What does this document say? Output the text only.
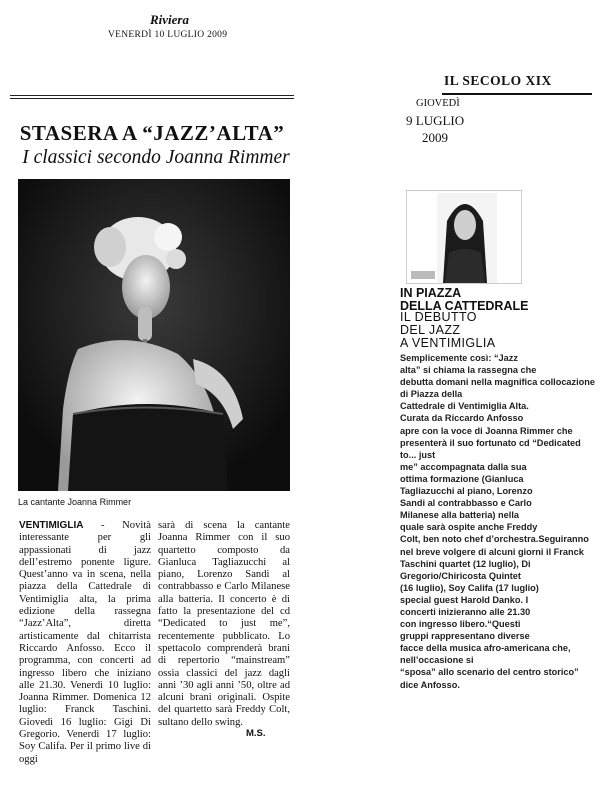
Riviera
VENERDÌ 10 LUGLIO 2009
STASERA A “JAZZ’ALTA”
I classici secondo Joanna Rimmer
La cantante Joanna Rimmer
VENTIMIGLIA - Novità interessante per gli appassionati di jazz dell’estremo ponente ligure. Quest’anno va in scena, nella piazza della Cattedrale di Ventimiglia alta, la prima edizione della rassegna “Jazz’Alta”, diretta artisticamente dal chitarrista Riccardo Anfosso. Ecco il programma, con concerti ad ingresso libero che iniziano alle 21.30. Venerdì 10 luglio: Joanna Rimmer. Domenica 12 luglio: Franck Taschini. Giovedì 16 luglio: Gigi Di Gregorio. Venerdì 17 luglio: Soy Califa. Per il primo live di oggi
sarà di scena la cantante Joanna Rimmer con il suo quartetto composto da Gianluca Tagliazucchi al piano, Lorenzo Sandi al contrabbasso e Carlo Milanese alla batteria. Il concerto è di fatto la presentazione del cd “Dedicated to just me”, recentemente pubblicato. Lo spettacolo comprenderà brani di repertorio “mainstream” ossia classici del jazz dagli anni ’30 agli anni ’50, oltre ad alcuni brani originali. Ospite del quartetto sarà Freddy Colt, sultano dello swing.
M.S.
IL SECOLO XIX
GIOVEDÌ
9 LUGLIO
2009
IN PIAZZA
DELLA CATTEDRALE
IL DEBUTTO
DEL JAZZ
A VENTIMIGLIA

Semplicemente così: “Jazz
alta” si chiama la rassegna che
debutta domani nella magnifica collocazione di Piazza della
Cattedrale di Ventimiglia Alta.
Curata da Riccardo Anfosso
apre con la voce di Joanna Rimmer che presenterà il suo fortunato cd “Dedicated to... just
me” accompagnata dalla sua
ottima formazione (Gianluca
Tagliazucchi al piano, Lorenzo
Sandi al contrabbasso e Carlo
Milanese alla batteria) nella
quale sarà ospite anche Freddy
Colt, ben noto chef d’orchestra.Seguiranno nel breve volgere di alcuni giorni il Franck
Taschini quartet (12 luglio), Di
Gregorio/Chiricosta Quintet
(16 luglio), Soy Califa (17 luglio)
special guest Harold Danko. I
concerti inizieranno alle 21.30
con ingresso libero.“Questi
gruppi rappresentano diverse
facce della musica afro-americana che, nell’occasione si
“sposa” allo scenario del centro storico” dice Anfosso.
